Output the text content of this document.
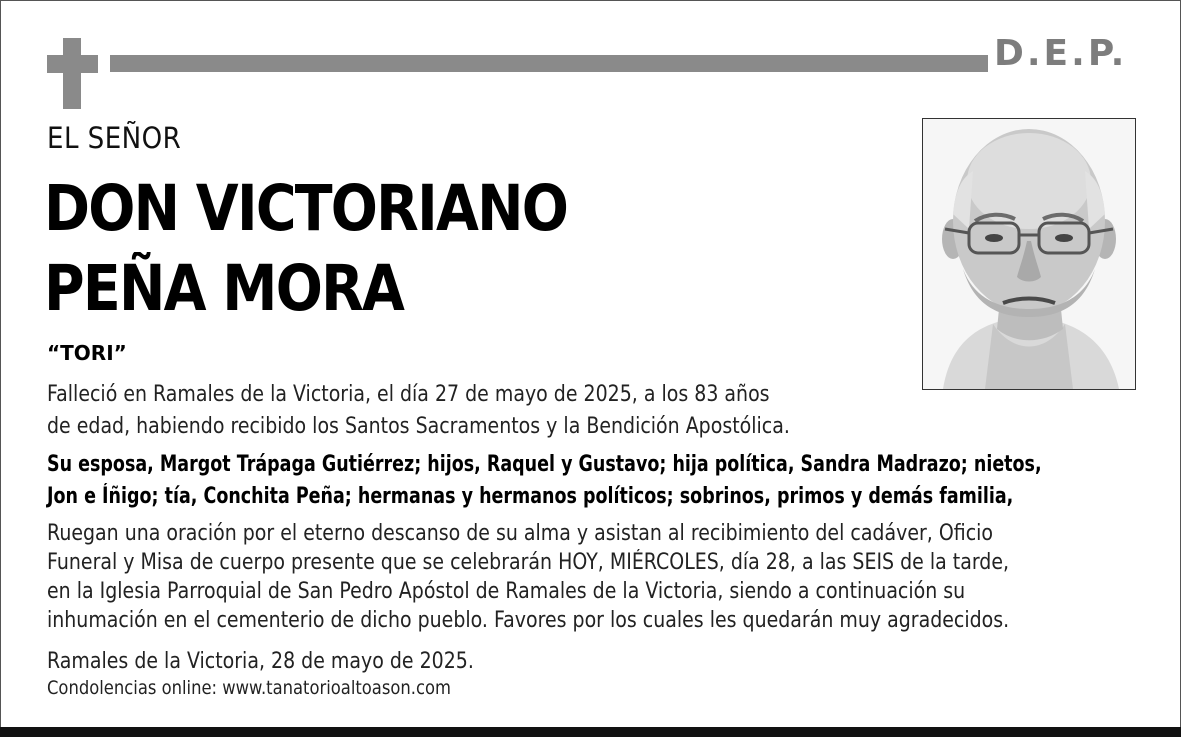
D.E.P.
EL SEÑOR
DON VICTORIANO
PEÑA MORA
“TORI”
Falleció en Ramales de la Victoria, el día 27 de mayo de 2025, a los 83 años
de edad, habiendo recibido los Santos Sacramentos y la Bendición Apostólica.
Su esposa, Margot Trápaga Gutiérrez; hijos, Raquel y Gustavo; hija política, Sandra Madrazo; nietos,
Jon e Íñigo; tía, Conchita Peña; hermanas y hermanos políticos; sobrinos, primos y demás familia,
Ruegan una oración por el eterno descanso de su alma y asistan al recibimiento del cadáver, Oficio
Funeral y Misa de cuerpo presente que se celebrarán HOY, MIÉRCOLES, día 28, a las SEIS de la tarde,
en la Iglesia Parroquial de San Pedro Apóstol de Ramales de la Victoria, siendo a continuación su
inhumación en el cementerio de dicho pueblo. Favores por los cuales les quedarán muy agradecidos.
Ramales de la Victoria, 28 de mayo de 2025.
Condolencias online: www.tanatorioaltoason.com
